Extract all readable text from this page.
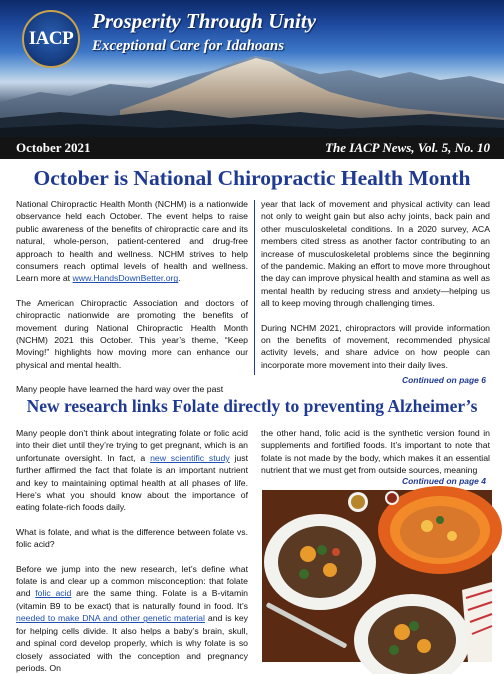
IACP
Prosperity Through Unity
Exceptional Care for Idahoans
October 2021	The IACP News, Vol. 5, No. 10
October is National Chiropractic Health Month

National Chiropractic Health Month (NCHM) is a nationwide observance held each October. The event helps to raise public awareness of the benefits of chiropractic care and its natural, whole-person, patient-centered and drug-free approach to health and wellness. NCHM strives to help consumers reach optimal levels of health and wellness. Learn more at www.HandsDownBetter.org.

The American Chiropractic Association and doctors of chiropractic nationwide are promoting the benefits of movement during National Chiropractic Health Month (NCHM) 2021 this October. This year’s theme, “Keep Moving!” highlights how moving more can enhance our physical and mental health.

Many people have learned the hard way over the past

year that lack of movement and physical activity can lead not only to weight gain but also achy joints, back pain and other musculoskeletal conditions. In a 2020 survey, ACA members cited stress as another factor contributing to an increase of musculoskeletal problems since the beginning of the pandemic. Making an effort to move more throughout the day can improve physical health and stamina as well as mental health by reducing stress and anxiety—helping us all to keep moving through challenging times.

During NCHM 2021, chiropractors will provide information on the benefits of movement, recommended physical activity levels, and share advice on how people can incorporate more movement into their daily lives.

Continued on page 6
New research links Folate directly to preventing Alzheimer’s

Many people don’t think about integrating folate or folic acid into their diet until they’re trying to get pregnant, which is an unfortunate oversight. In fact, a new scientific study just further affirmed the fact that folate is an important nutrient and key to maintaining optimal health at all phases of life. Here’s what you should know about the importance of eating folate-rich foods daily.

What is folate, and what is the difference between folate vs. folic acid?

Before we jump into the new research, let’s define what folate is and clear up a common misconception: that folate and folic acid are the same thing. Folate is a B-vitamin (vitamin B9 to be exact) that is naturally found in food. It’s needed to make DNA and other genetic material and is key for helping cells divide. It also helps a baby’s brain, skull, and spinal cord develop properly, which is why folate is so closely associated with the conception and pregnancy periods. On

the other hand, folic acid is the synthetic version found in supplements and fortified foods. It’s important to note that folate is not made by the body, which makes it an essential nutrient that we must get from outside sources, meaning

Continued on page 4
